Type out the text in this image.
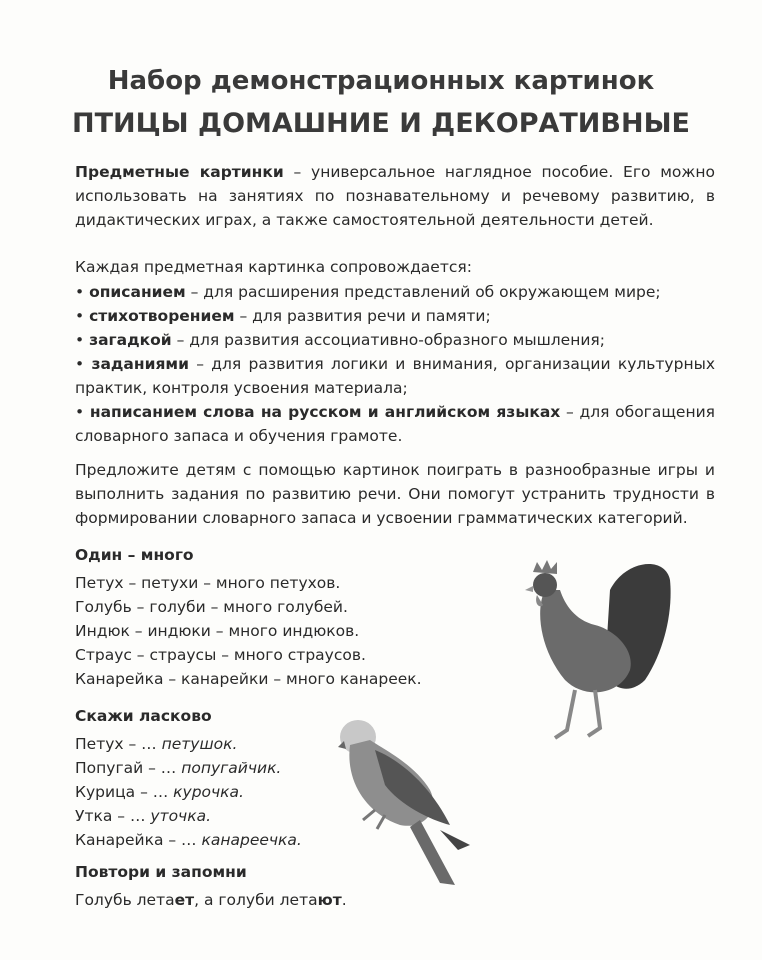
Набор демонстрационных картинок
ПТИЦЫ ДОМАШНИЕ И ДЕКОРАТИВНЫЕ
Предметные картинки – универсальное наглядное пособие. Его можно использовать на занятиях по познавательному и речевому развитию, в дидактических играх, а также самостоятельной деятельности детей.
Каждая предметная картинка сопровождается:
• описанием – для расширения представлений об окружающем мире;
• стихотворением – для развития речи и памяти;
• загадкой – для развития ассоциативно-образного мышления;
• заданиями – для развития логики и внимания, организации культурных практик, контроля усвоения материала;
• написанием слова на русском и английском языках – для обогащения словарного запаса и обучения грамоте.
Предложите детям с помощью картинок поиграть в разнообразные игры и выполнить задания по развитию речи. Они помогут устранить трудности в формировании словарного запаса и усвоении грамматических категорий.
Один – много
Петух – петухи – много петухов.
Голубь – голуби – много голубей.
Индюк – индюки – много индюков.
Страус – страусы – много страусов.
Канарейка – канарейки – много канареек.
Скажи ласково
Петух – … петушок.
Попугай – … попугайчик.
Курица – … курочка.
Утка – … уточка.
Канарейка – … канареечка.
Повтори и запомни
Голубь летает, а голуби летают.
